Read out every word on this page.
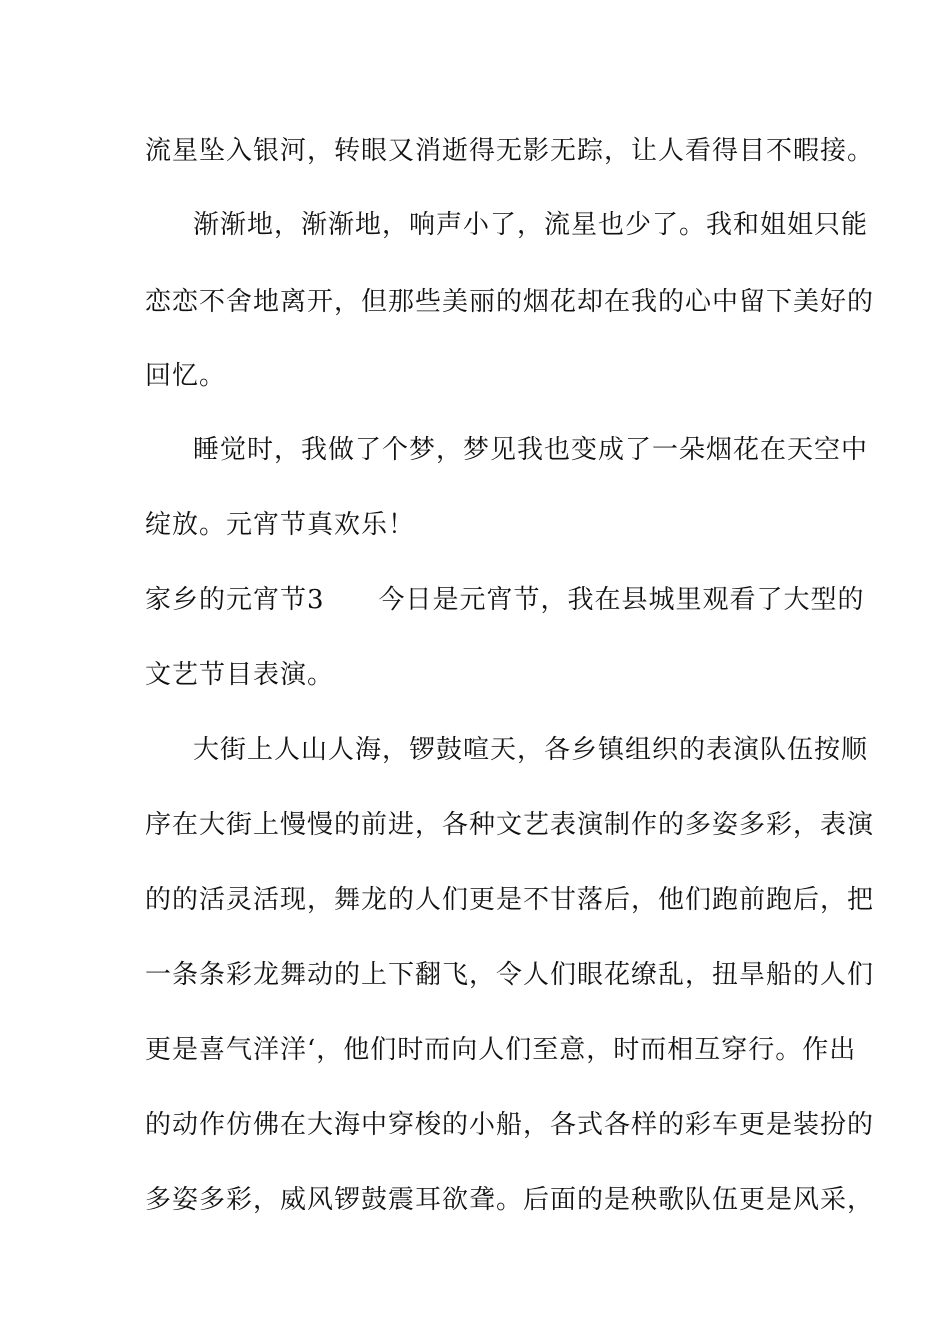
流星坠入银河，转眼又消逝得无影无踪，让人看得目不暇接。
渐渐地，渐渐地，响声小了，流星也少了。我和姐姐只能
恋恋不舍地离开，但那些美丽的烟花却在我的心中留下美好的
回忆。
睡觉时，我做了个梦，梦见我也变成了一朵烟花在天空中
绽放。元宵节真欢乐！
家乡的元宵节3　　今日是元宵节，我在县城里观看了大型的
文艺节目表演。
大街上人山人海，锣鼓喧天，各乡镇组织的表演队伍按顺
序在大街上慢慢的前进，各种文艺表演制作的多姿多彩，表演
的的活灵活现，舞龙的人们更是不甘落后，他们跑前跑后，把
一条条彩龙舞动的上下翻飞，令人们眼花缭乱，扭旱船的人们
更是喜气洋洋‘，他们时而向人们至意，时而相互穿行。作出
的动作仿佛在大海中穿梭的小船，各式各样的彩车更是装扮的
多姿多彩，威风锣鼓震耳欲聋。后面的是秧歌队伍更是风采，
